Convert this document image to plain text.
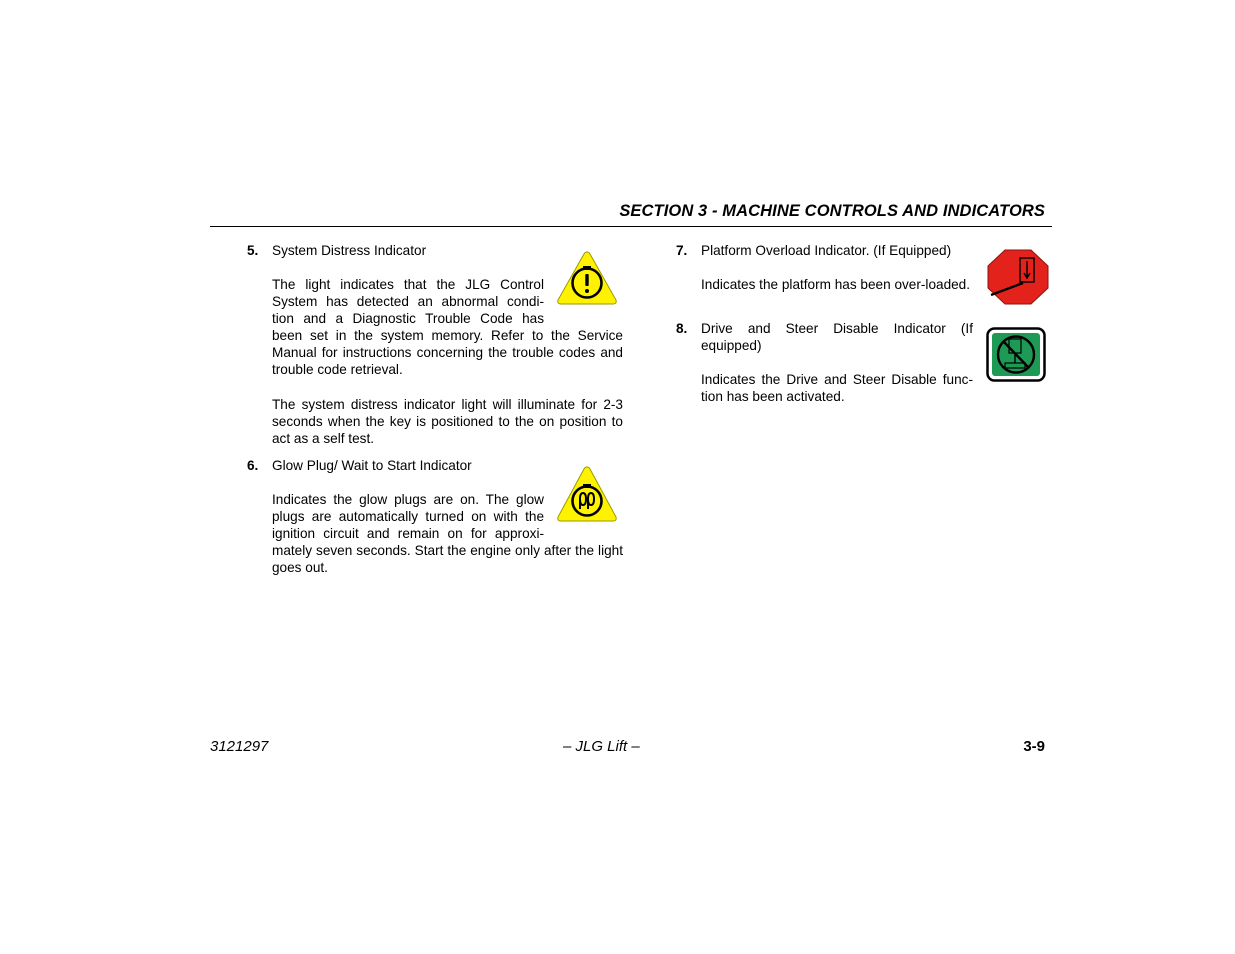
SECTION 3 - MACHINE CONTROLS AND INDICATORS
5. System Distress Indicator

The light indicates that the JLG Control

System has detected an abnormal condi-

tion and a Diagnostic Trouble Code has

been set in the system memory. Refer to the Service Manual for instructions concerning the trouble codes and trouble code retrieval.
The system distress indicator light will illuminate for 2-3 seconds when the key is positioned to the on position to act as a self test.
6. Glow Plug/ Wait to Start Indicator

Indicates the glow plugs are on. The glow

plugs are automatically turned on with the

ignition circuit and remain on for approxi-

mately seven seconds. Start the engine only after the light goes out.
7. Platform Overload Indicator. (If Equipped)
Indicates the platform has been over-loaded.
8. Drive and Steer Disable Indicator (If equipped)
Indicates the Drive and Steer Disable func-tion has been activated.
3121297	– JLG Lift –	3-9
